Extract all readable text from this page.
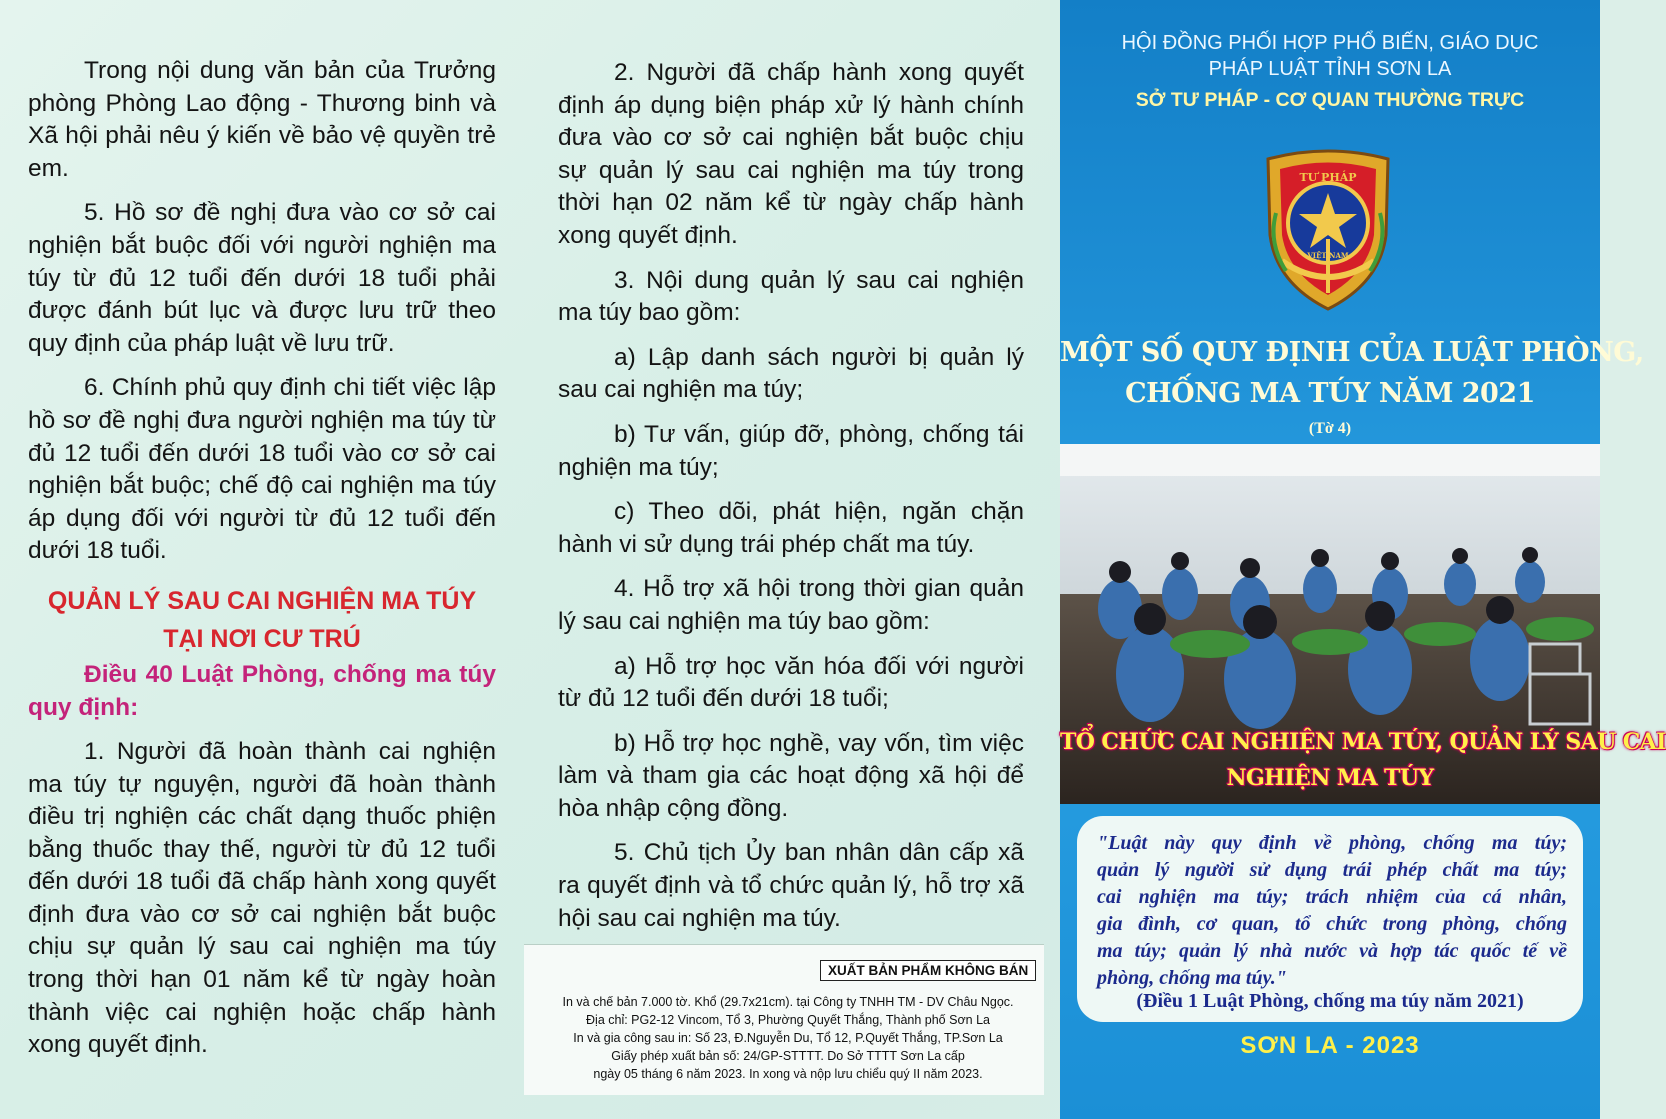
Trong nội dung văn bản của Trưởng phòng Phòng Lao động - Thương binh và Xã hội phải nêu ý kiến về bảo vệ quyền trẻ em.

5. Hồ sơ đề nghị đưa vào cơ sở cai nghiện bắt buộc đối với người nghiện ma túy từ đủ 12 tuổi đến dưới 18 tuổi phải được đánh bút lục và được lưu trữ theo quy định của pháp luật về lưu trữ.

6. Chính phủ quy định chi tiết việc lập hồ sơ đề nghị đưa người nghiện ma túy từ đủ 12 tuổi đến dưới 18 tuổi vào cơ sở cai nghiện bắt buộc; chế độ cai nghiện ma túy áp dụng đối với người từ đủ 12 tuổi đến dưới 18 tuổi.

QUẢN LÝ SAU CAI NGHIỆN MA TÚY
TẠI NƠI CƯ TRÚ

Điều 40 Luật Phòng, chống ma túy quy định:

1. Người đã hoàn thành cai nghiện ma túy tự nguyện, người đã hoàn thành điều trị nghiện các chất dạng thuốc phiện bằng thuốc thay thế, người từ đủ 12 tuổi đến dưới 18 tuổi đã chấp hành xong quyết định đưa vào cơ sở cai nghiện bắt buộc chịu sự quản lý sau cai nghiện ma túy trong thời hạn 01 năm kể từ ngày hoàn thành việc cai nghiện hoặc chấp hành xong quyết định.

2. Người đã chấp hành xong quyết định áp dụng biện pháp xử lý hành chính đưa vào cơ sở cai nghiện bắt buộc chịu sự quản lý sau cai nghiện ma túy trong thời hạn 02 năm kể từ ngày chấp hành xong quyết định.

3. Nội dung quản lý sau cai nghiện ma túy bao gồm:

a) Lập danh sách người bị quản lý sau cai nghiện ma túy;

b) Tư vấn, giúp đỡ, phòng, chống tái nghiện ma túy;

c) Theo dõi, phát hiện, ngăn chặn hành vi sử dụng trái phép chất ma túy.

4. Hỗ trợ xã hội trong thời gian quản lý sau cai nghiện ma túy bao gồm:

a) Hỗ trợ học văn hóa đối với người từ đủ 12 tuổi đến dưới 18 tuổi;

b) Hỗ trợ học nghề, vay vốn, tìm việc làm và tham gia các hoạt động xã hội để hòa nhập cộng đồng.

5. Chủ tịch Ủy ban nhân dân cấp xã ra quyết định và tổ chức quản lý, hỗ trợ xã hội sau cai nghiện ma túy.

XUẤT BẢN PHẨM KHÔNG BÁN
In và chế bản 7.000 tờ. Khổ (29.7x21cm). tại Công ty TNHH TM - DV Châu Ngọc.
Địa chỉ: PG2-12 Vincom, Tổ 3, Phường Quyết Thắng, Thành phố Sơn La
In và gia công sau in: Số 23, Đ.Nguyễn Du, Tổ 12, P.Quyết Thắng, TP.Sơn La
Giấy phép xuất bản số: 24/GP-STTTT. Do Sở TTTT Sơn La cấp
ngày 05 tháng 6 năm 2023. In xong và nộp lưu chiểu quý II năm 2023.
HỘI ĐỒNG PHỐI HỢP PHỔ BIẾN, GIÁO DỤC
PHÁP LUẬT TỈNH SƠN LA
SỞ TƯ PHÁP - CƠ QUAN THƯỜNG TRỰC
TƯ PHÁP
VIỆT NAM
MỘT SỐ QUY ĐỊNH CỦA LUẬT PHÒNG,
CHỐNG MA TÚY NĂM 2021
(Tờ 4)
TỔ CHỨC CAI NGHIỆN MA TÚY, QUẢN LÝ SAU CAI
NGHIỆN MA TÚY
"Luật này quy định về phòng, chống ma túy;
quản lý người sử dụng trái phép chất ma túy;
cai nghiện ma túy; trách nhiệm của cá nhân,
gia đình, cơ quan, tổ chức trong phòng, chống
ma túy; quản lý nhà nước và hợp tác quốc tế về
phòng, chống ma túy."
(Điều 1 Luật Phòng, chống ma túy năm 2021)
SƠN LA - 2023
